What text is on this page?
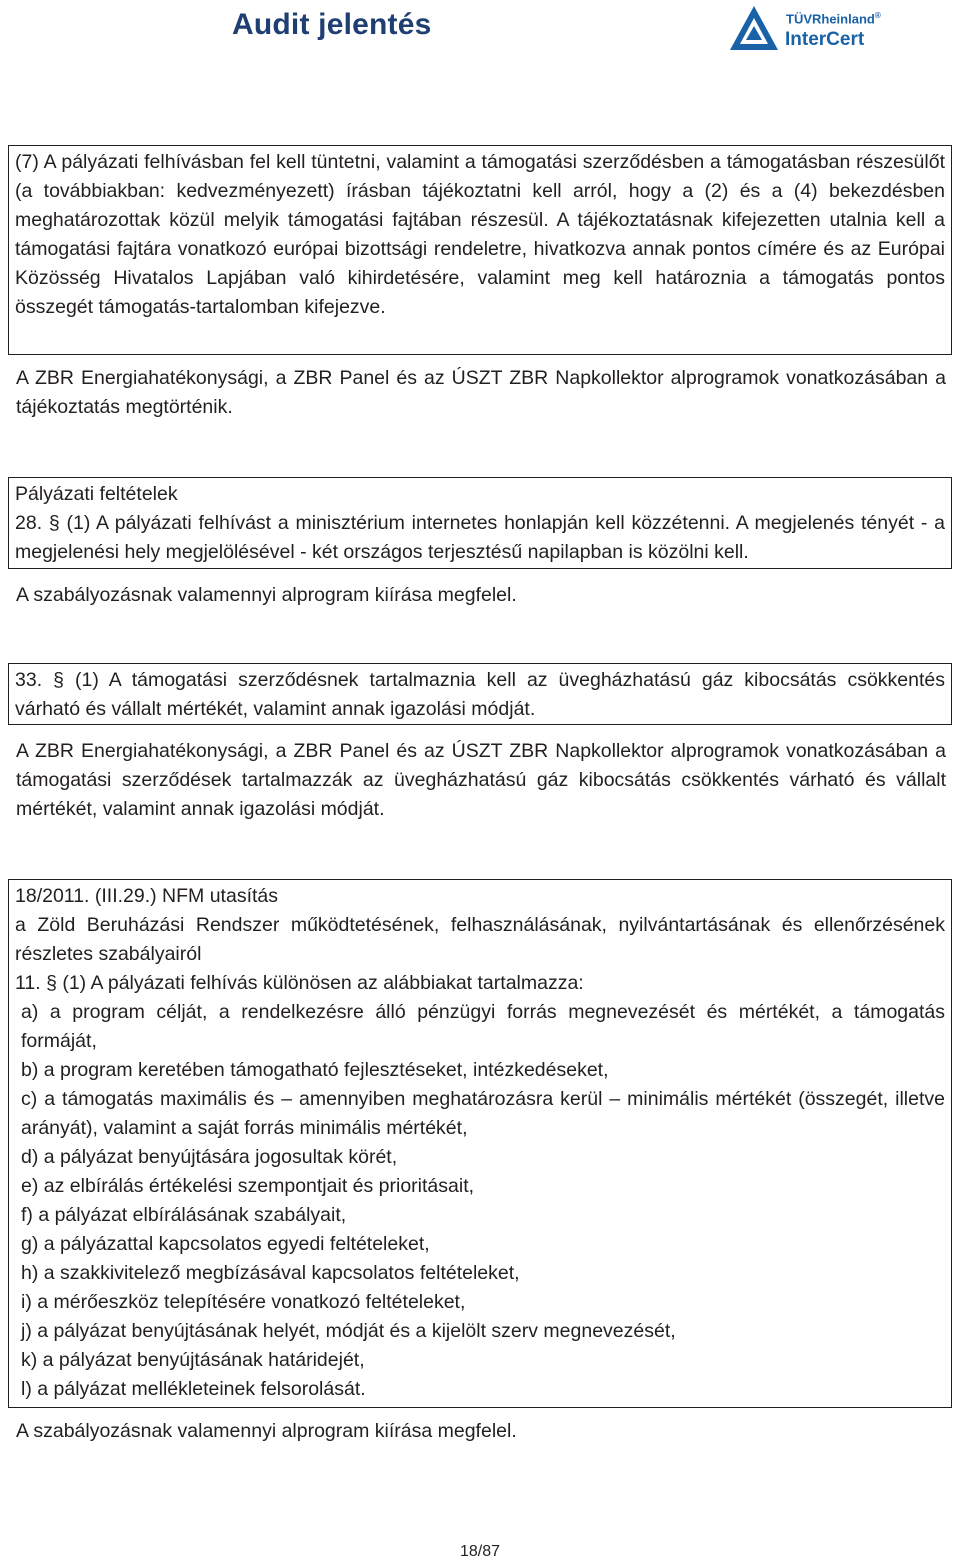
Audit jelentés	TÜVRheinland®
InterCert

(7) A pályázati felhívásban fel kell tüntetni, valamint a támogatási szerződésben a támogatásban részesülőt (a továbbiakban: kedvezményezett) írásban tájékoztatni kell arról, hogy a (2) és a (4) bekezdésben meghatározottak közül melyik támogatási fajtában részesül. A tájékoztatásnak kifejezetten utalnia kell a támogatási fajtára vonatkozó európai bizottsági rendeletre, hivatkozva annak pontos címére és az Európai Közösség Hivatalos Lapjában való kihirdetésére, valamint meg kell határoznia a támogatás pontos összegét támogatás-tartalomban kifejezve.

A ZBR Energiahatékonysági, a ZBR Panel és az ÚSZT ZBR Napkollektor alprogramok vonatkozásában a tájékoztatás megtörténik.

Pályázati feltételek

28. § (1) A pályázati felhívást a minisztérium internetes honlapján kell közzétenni. A megjelenés tényét - a megjelenési hely megjelölésével - két országos terjesztésű napilapban is közölni kell.

A szabályozásnak valamennyi alprogram kiírása megfelel.

33. § (1) A támogatási szerződésnek tartalmaznia kell az üvegházhatású gáz kibocsátás csökkentés várható és vállalt mértékét, valamint annak igazolási módját.

A ZBR Energiahatékonysági, a ZBR Panel és az ÚSZT ZBR Napkollektor alprogramok vonatkozásában a támogatási szerződések tartalmazzák az üvegházhatású gáz kibocsátás csökkentés várható és vállalt mértékét, valamint annak igazolási módját.

18/2011. (III.29.) NFM utasítás

a Zöld Beruházási Rendszer működtetésének, felhasználásának, nyilvántartásának és ellenőrzésének részletes szabályairól

11. § (1) A pályázati felhívás különösen az alábbiakat tartalmazza:

a) a program célját, a rendelkezésre álló pénzügyi forrás megnevezését és mértékét, a támogatás formáját,

b) a program keretében támogatható fejlesztéseket, intézkedéseket,

c) a támogatás maximális és – amennyiben meghatározásra kerül – minimális mértékét (összegét, illetve arányát), valamint a saját forrás minimális mértékét,

d) a pályázat benyújtására jogosultak körét,

e) az elbírálás értékelési szempontjait és prioritásait,

f) a pályázat elbírálásának szabályait,

g) a pályázattal kapcsolatos egyedi feltételeket,

h) a szakkivitelező megbízásával kapcsolatos feltételeket,

i) a mérőeszköz telepítésére vonatkozó feltételeket,

j) a pályázat benyújtásának helyét, módját és a kijelölt szerv megnevezését,

k) a pályázat benyújtásának határidejét,

l) a pályázat mellékleteinek felsorolását.

A szabályozásnak valamennyi alprogram kiírása megfelel.

18/87
